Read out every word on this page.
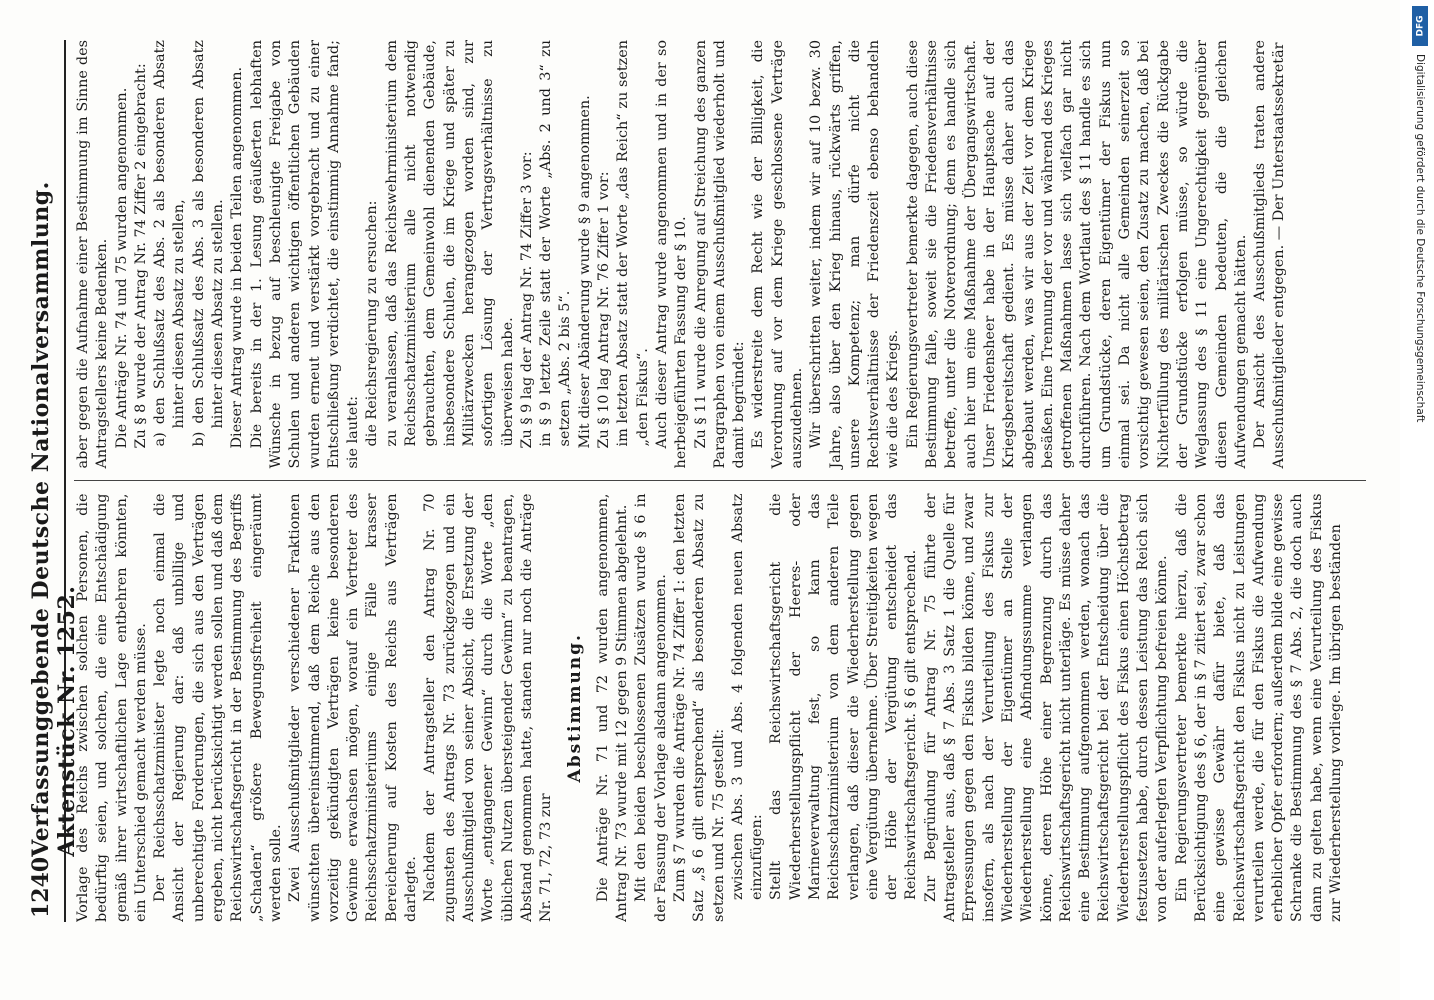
1240
Verfassunggebende Deutsche Nationalversammlung. Aktenstück Nr. 1252.

Vorlage des Reichs zwischen solchen Personen, die bedürftig seien, und solchen, die eine Entschädigung gemäß ihrer wirtschaftlichen Lage entbehren könnten, ein Unterschied gemacht werden müsse. Der Reichsschatzminister legte noch einmal die Ansicht der Regierung dar: daß unbillige und unberechtigte Forderungen, die sich aus den Verträgen ergeben, nicht berücksichtigt werden sollen und daß dem Reichswirtschaftsgericht in der Bestimmung des Begriffs „Schaden“ größere Bewegungsfreiheit eingeräumt werden solle. Zwei Ausschußmitglieder verschiedener Fraktionen wünschten übereinstimmend, daß dem Reiche aus den vorzeitig gekündigten Verträgen keine besonderen Gewinne erwachsen mögen, worauf ein Vertreter des Reichsschatzministeriums einige Fälle krasser Bereicherung auf Kosten des Reichs aus Verträgen darlegte. Nachdem der Antragsteller den Antrag Nr. 70 zugunsten des Antrags Nr. 73 zurückgezogen und ein Ausschußmitglied von seiner Absicht, die Ersetzung der Worte „entgangener Gewinn“ durch die Worte „den üblichen Nutzen übersteigender Gewinn“ zu beantragen, Abstand genommen hatte, standen nur noch die Anträge Nr. 71, 72, 73 zur

Abstimmung. Die Anträge Nr. 71 und 72 wurden angenommen, Antrag Nr. 73 wurde mit 12 gegen 9 Stimmen abgelehnt. Mit den beiden beschlossenen Zusätzen wurde § 6 in der Fassung der Vorlage alsdann angenommen. Zum § 7 wurden die Anträge Nr. 74 Ziffer 1: den letzten Satz „§ 6 gilt entsprechend“ als besonderen Absatz zu setzen und Nr. 75 gestellt: zwischen Abs. 3 und Abs. 4 folgenden neuen Absatz einzufügen: Stellt das Reichswirtschaftsgericht die Wiederherstellungspflicht der Heeres- oder Marineverwaltung fest, so kann das Reichsschatzministerium von dem anderen Teile verlangen, daß dieser die Wiederherstellung gegen eine Vergütung übernehme. Über Streitigkeiten wegen der Höhe der Vergütung entscheidet das Reichswirtschaftsgericht. § 6 gilt entsprechend. Zur Begründung für Antrag Nr. 75 führte der Antragsteller aus, daß § 7 Abs. 3 Satz 1 die Quelle für Erpressungen gegen den Fiskus bilden könne, und zwar insofern, als nach der Verurteilung des Fiskus zur Wiederherstellung der Eigentümer an Stelle der Wiederherstellung eine Abfindungssumme verlangen könne, deren Höhe einer Begrenzung durch das Reichswirtschaftsgericht nicht unterläge. Es müsse daher eine Bestimmung aufgenommen werden, wonach das Reichswirtschaftsgericht bei der Entscheidung über die Wiederherstellungspflicht des Fiskus einen Höchstbetrag festzusetzen habe, durch dessen Leistung das Reich sich von der auferlegten Verpflichtung befreien könne. Ein Regierungsvertreter bemerkte hierzu, daß die Berücksichtigung des § 6, der in § 7 zitiert sei, zwar schon eine gewisse Gewähr dafür biete, daß das Reichswirtschaftsgericht den Fiskus nicht zu Leistungen verurteilen werde, die für den Fiskus die Aufwendung erheblicher Opfer erfordern; außerdem bilde eine gewisse Schranke die Bestimmung des § 7 Abs. 2, die doch auch dann zu gelten habe, wenn eine Verurteilung des Fiskus zur Wiederherstellung vorliege. Im übrigen beständen

aber gegen die Aufnahme einer Bestimmung im Sinne des Antragstellers keine Bedenken. Die Anträge Nr. 74 und 75 wurden angenommen. Zu § 8 wurde der Antrag Nr. 74 Ziffer 2 eingebracht: a) den Schlußsatz des Abs. 2 als besonderen Absatz hinter diesen Absatz zu stellen, b) den Schlußsatz des Abs. 3 als besonderen Absatz hinter diesen Absatz zu stellen. Dieser Antrag wurde in beiden Teilen angenommen. Die bereits in der 1. Lesung geäußerten lebhaften Wünsche in bezug auf beschleunigte Freigabe von Schulen und anderen wichtigen öffentlichen Gebäuden wurden erneut und verstärkt vorgebracht und zu einer Entschließung verdichtet, die einstimmig Annahme fand; sie lautet: die Reichsregierung zu ersuchen: zu veranlassen, daß das Reichswehrministerium dem Reichsschatzministerium alle nicht notwendig gebrauchten, dem Gemeinwohl dienenden Gebäude, insbesondere Schulen, die im Kriege und später zu Militärzwecken herangezogen worden sind, zur sofortigen Lösung der Vertragsverhältnisse zu überweisen habe. Zu § 9 lag der Antrag Nr. 74 Ziffer 3 vor: in § 9 letzte Zeile statt der Worte „Abs. 2 und 3“ zu setzen „Abs. 2 bis 5“. Mit dieser Abänderung wurde § 9 angenommen. Zu § 10 lag Antrag Nr. 76 Ziffer 1 vor: im letzten Absatz statt der Worte „das Reich“ zu setzen „den Fiskus“. Auch dieser Antrag wurde angenommen und in der so herbeigeführten Fassung der § 10. Zu § 11 wurde die Anregung auf Streichung des ganzen Paragraphen von einem Ausschußmitglied wiederholt und damit begründet: Es widerstreite dem Recht wie der Billigkeit, die Verordnung auf vor dem Kriege geschlossene Verträge auszudehnen. Wir überschritten weiter, indem wir auf 10 bezw. 30 Jahre, also über den Krieg hinaus, rückwärts griffen, unsere Kompetenz; man dürfe nicht die Rechtsverhältnisse der Friedenszeit ebenso behandeln wie die des Kriegs. Ein Regierungsvertreter bemerkte dagegen, auch diese Bestimmung falle, soweit sie die Friedensverhältnisse betreffe, unter die Notverordnung; denn es handle sich auch hier um eine Maßnahme der Übergangswirtschaft. Unser Friedensheer habe in der Hauptsache auf der Kriegsbereitschaft gedient. Es müsse daher auch das abgebaut werden, was wir aus der Zeit vor dem Kriege besäßen. Eine Trennung der vor und während des Krieges getroffenen Maßnahmen lasse sich vielfach gar nicht durchführen. Nach dem Wortlaut des § 11 handle es sich um Grundstücke, deren Eigentümer der Fiskus nun einmal sei. Da nicht alle Gemeinden seinerzeit so vorsichtig gewesen seien, den Zusatz zu machen, daß bei Nichterfüllung des militärischen Zweckes die Rückgabe der Grundstücke erfolgen müsse, so würde die Weglassung des § 11 eine Ungerechtigkeit gegenüber diesen Gemeinden bedeuten, die die gleichen Aufwendungen gemacht hätten. Der Ansicht des Ausschußmitglieds traten andere Ausschußmitglieder entgegen. — Der Unterstaatssekretär

DFG
Digitalisierung gefördert durch die Deutsche Forschungsgemeinschaft
